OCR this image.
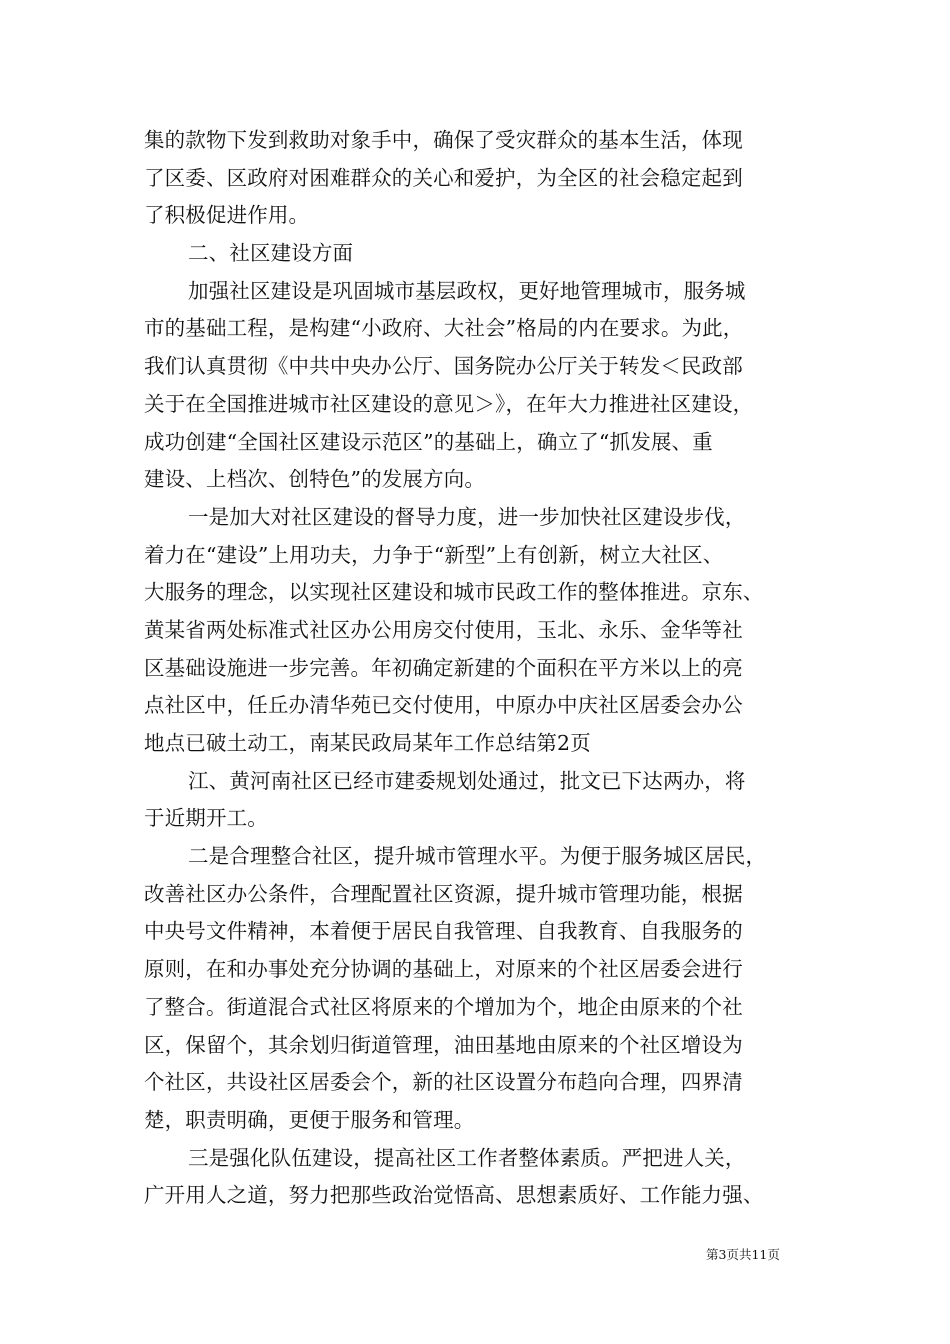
集的款物下发到救助对象手中，确保了受灾群众的基本生活，体现
了区委、区政府对困难群众的关心和爱护，为全区的社会稳定起到
了积极促进作用。
二、社区建设方面
加强社区建设是巩固城市基层政权，更好地管理城市，服务城
市的基础工程，是构建“小政府、大社会”格局的内在要求。为此，
我们认真贯彻《中共中央办公厅、国务院办公厅关于转发＜民政部
关于在全国推进城市社区建设的意见＞》，在年大力推进社区建设，
成功创建“全国社区建设示范区”的基础上，确立了“抓发展、重
建设、上档次、创特色”的发展方向。
一是加大对社区建设的督导力度，进一步加快社区建设步伐，
着力在“建设”上用功夫，力争于“新型”上有创新，树立大社区、
大服务的理念，以实现社区建设和城市民政工作的整体推进。京东、
黄某省两处标准式社区办公用房交付使用，玉北、永乐、金华等社
区基础设施进一步完善。年初确定新建的个面积在平方米以上的亮
点社区中，任丘办清华苑已交付使用，中原办中庆社区居委会办公
地点已破土动工，南某民政局某年工作总结第2页
江、黄河南社区已经市建委规划处通过，批文已下达两办，将
于近期开工。
二是合理整合社区，提升城市管理水平。为便于服务城区居民，
改善社区办公条件，合理配置社区资源，提升城市管理功能，根据
中央号文件精神，本着便于居民自我管理、自我教育、自我服务的
原则，在和办事处充分协调的基础上，对原来的个社区居委会进行
了整合。街道混合式社区将原来的个增加为个，地企由原来的个社
区，保留个，其余划归街道管理，油田基地由原来的个社区增设为
个社区，共设社区居委会个，新的社区设置分布趋向合理，四界清
楚，职责明确，更便于服务和管理。
三是强化队伍建设，提高社区工作者整体素质。严把进人关，
广开用人之道，努力把那些政治觉悟高、思想素质好、工作能力强、
第3页共11页
